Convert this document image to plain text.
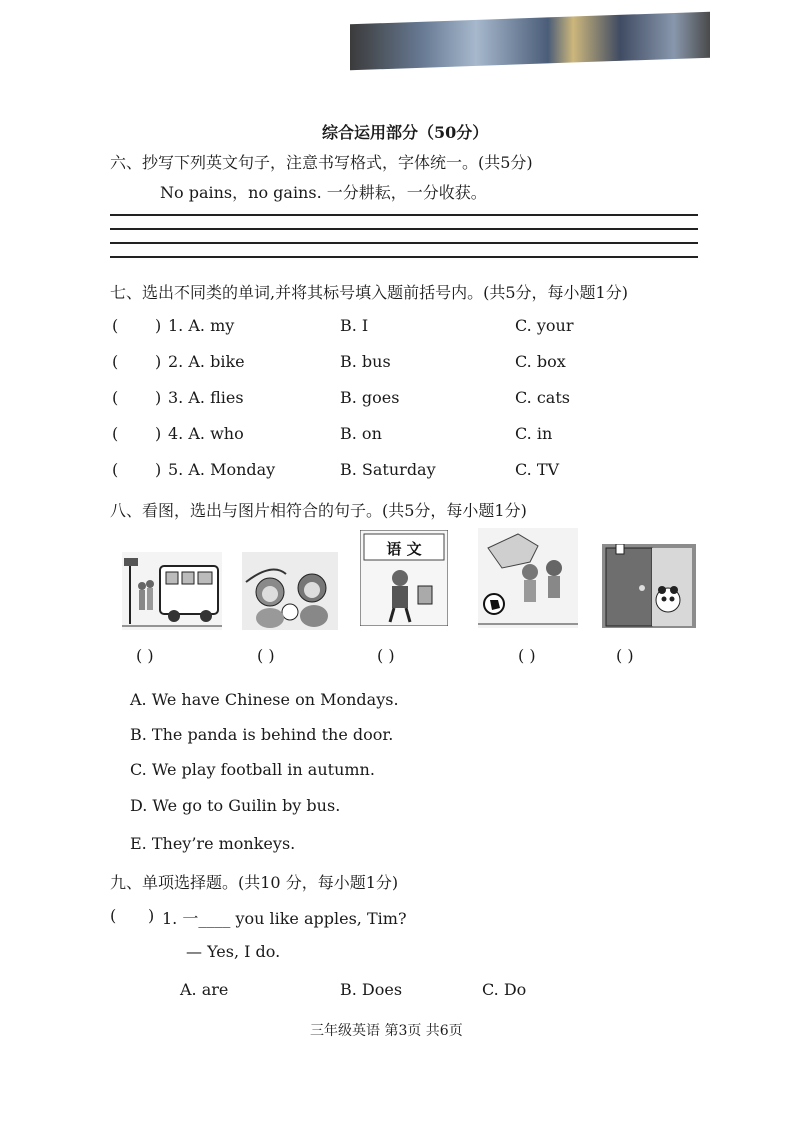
综合运用部分（50分）
六、抄写下列英文句子，注意书写格式，字体统一。(共5分)
No pains，no gains. 一分耕耘，一分收获。
七、选出不同类的单词,并将其标号填入题前括号内。(共5分，每小题1分)
( ) 1. A. my	B. I	C. your
( ) 2. A. bike	B. bus	C. box
( ) 3. A. flies	B. goes	C. cats
( ) 4. A. who	B. on	C. in
( ) 5. A. Monday	B. Saturday	C. TV
八、看图，选出与图片相符合的句子。(共5分，每小题1分)
语 文
( )	( )	( )	( )	( )
A. We have Chinese on Mondays.
B. The panda is behind the door.
C. We play football in autumn.
D. We go to Guilin by bus.
E. They’re monkeys.
九、单项选择题。(共10 分，每小题1分)
( ) 1. 一____ you like apples, Tim?
— Yes, I do.
A. are	B. Does	C. Do
三年级英语 第3页 共6页
